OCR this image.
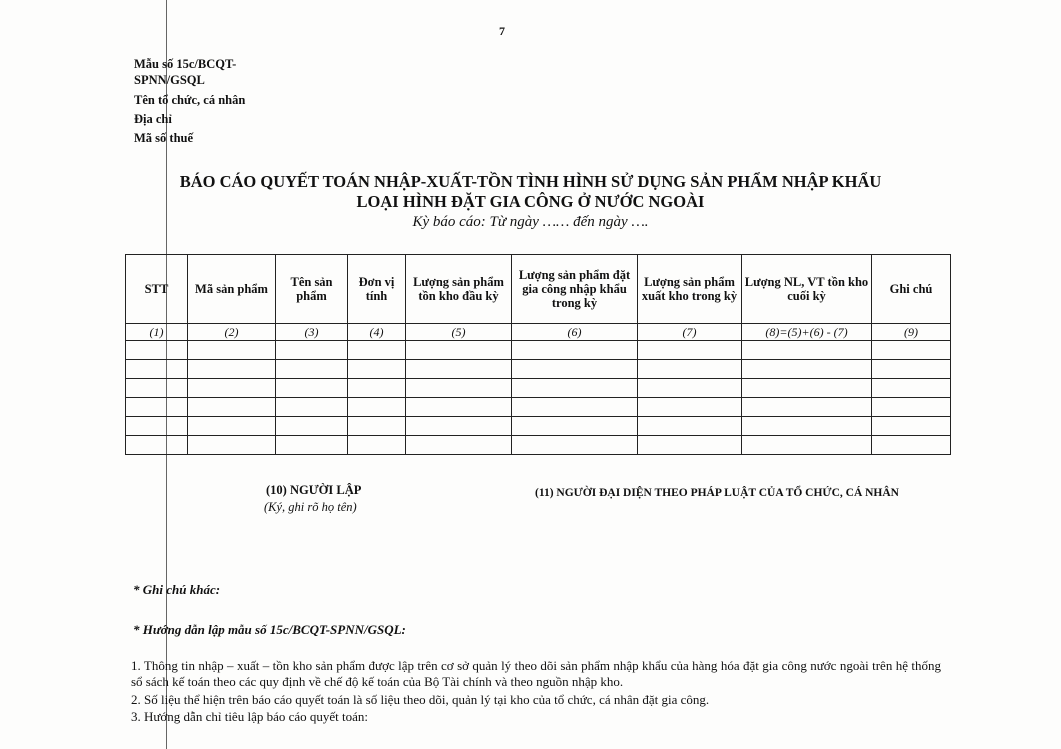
7
Mẫu số 15c/BCQT-
SPNN/GSQL
Tên tổ chức, cá nhân
Địa chỉ
Mã số thuế
BÁO CÁO QUYẾT TOÁN NHẬP-XUẤT-TỒN TÌNH HÌNH SỬ DỤNG SẢN PHẨM NHẬP KHẨU
LOẠI HÌNH ĐẶT GIA CÔNG Ở NƯỚC NGOÀI
Kỳ báo cáo: Từ ngày …… đến ngày ….
STT	Mã sản phẩm	Tên sản phẩm	Đơn vị tính	Lượng sản phẩm tồn kho đầu kỳ	Lượng sản phẩm đặt gia công nhập khẩu trong kỳ	Lượng sản phẩm xuất kho trong kỳ	Lượng NL, VT tồn kho cuối kỳ	Ghi chú
(1)	(2)	(3)	(4)	(5)	(6)	(7)	(8)=(5)+(6) - (7)	(9)

(10) NGƯỜI LẬP
(Ký, ghi rõ họ tên)
(11) NGƯỜI ĐẠI DIỆN THEO PHÁP LUẬT CỦA TỔ CHỨC, CÁ NHÂN
* Ghi chú khác:
* Hướng dẫn lập mẫu số 15c/BCQT-SPNN/GSQL:
1. Thông tin nhập – xuất – tồn kho sản phẩm được lập trên cơ sở quản lý theo dõi sản phẩm nhập khẩu của hàng hóa đặt gia công nước ngoài trên hệ thống sổ sách kế toán theo các quy định về chế độ kế toán của Bộ Tài chính và theo nguồn nhập kho.
2. Số liệu thể hiện trên báo cáo quyết toán là số liệu theo dõi, quản lý tại kho của tổ chức, cá nhân đặt gia công.
3. Hướng dẫn chỉ tiêu lập báo cáo quyết toán:
